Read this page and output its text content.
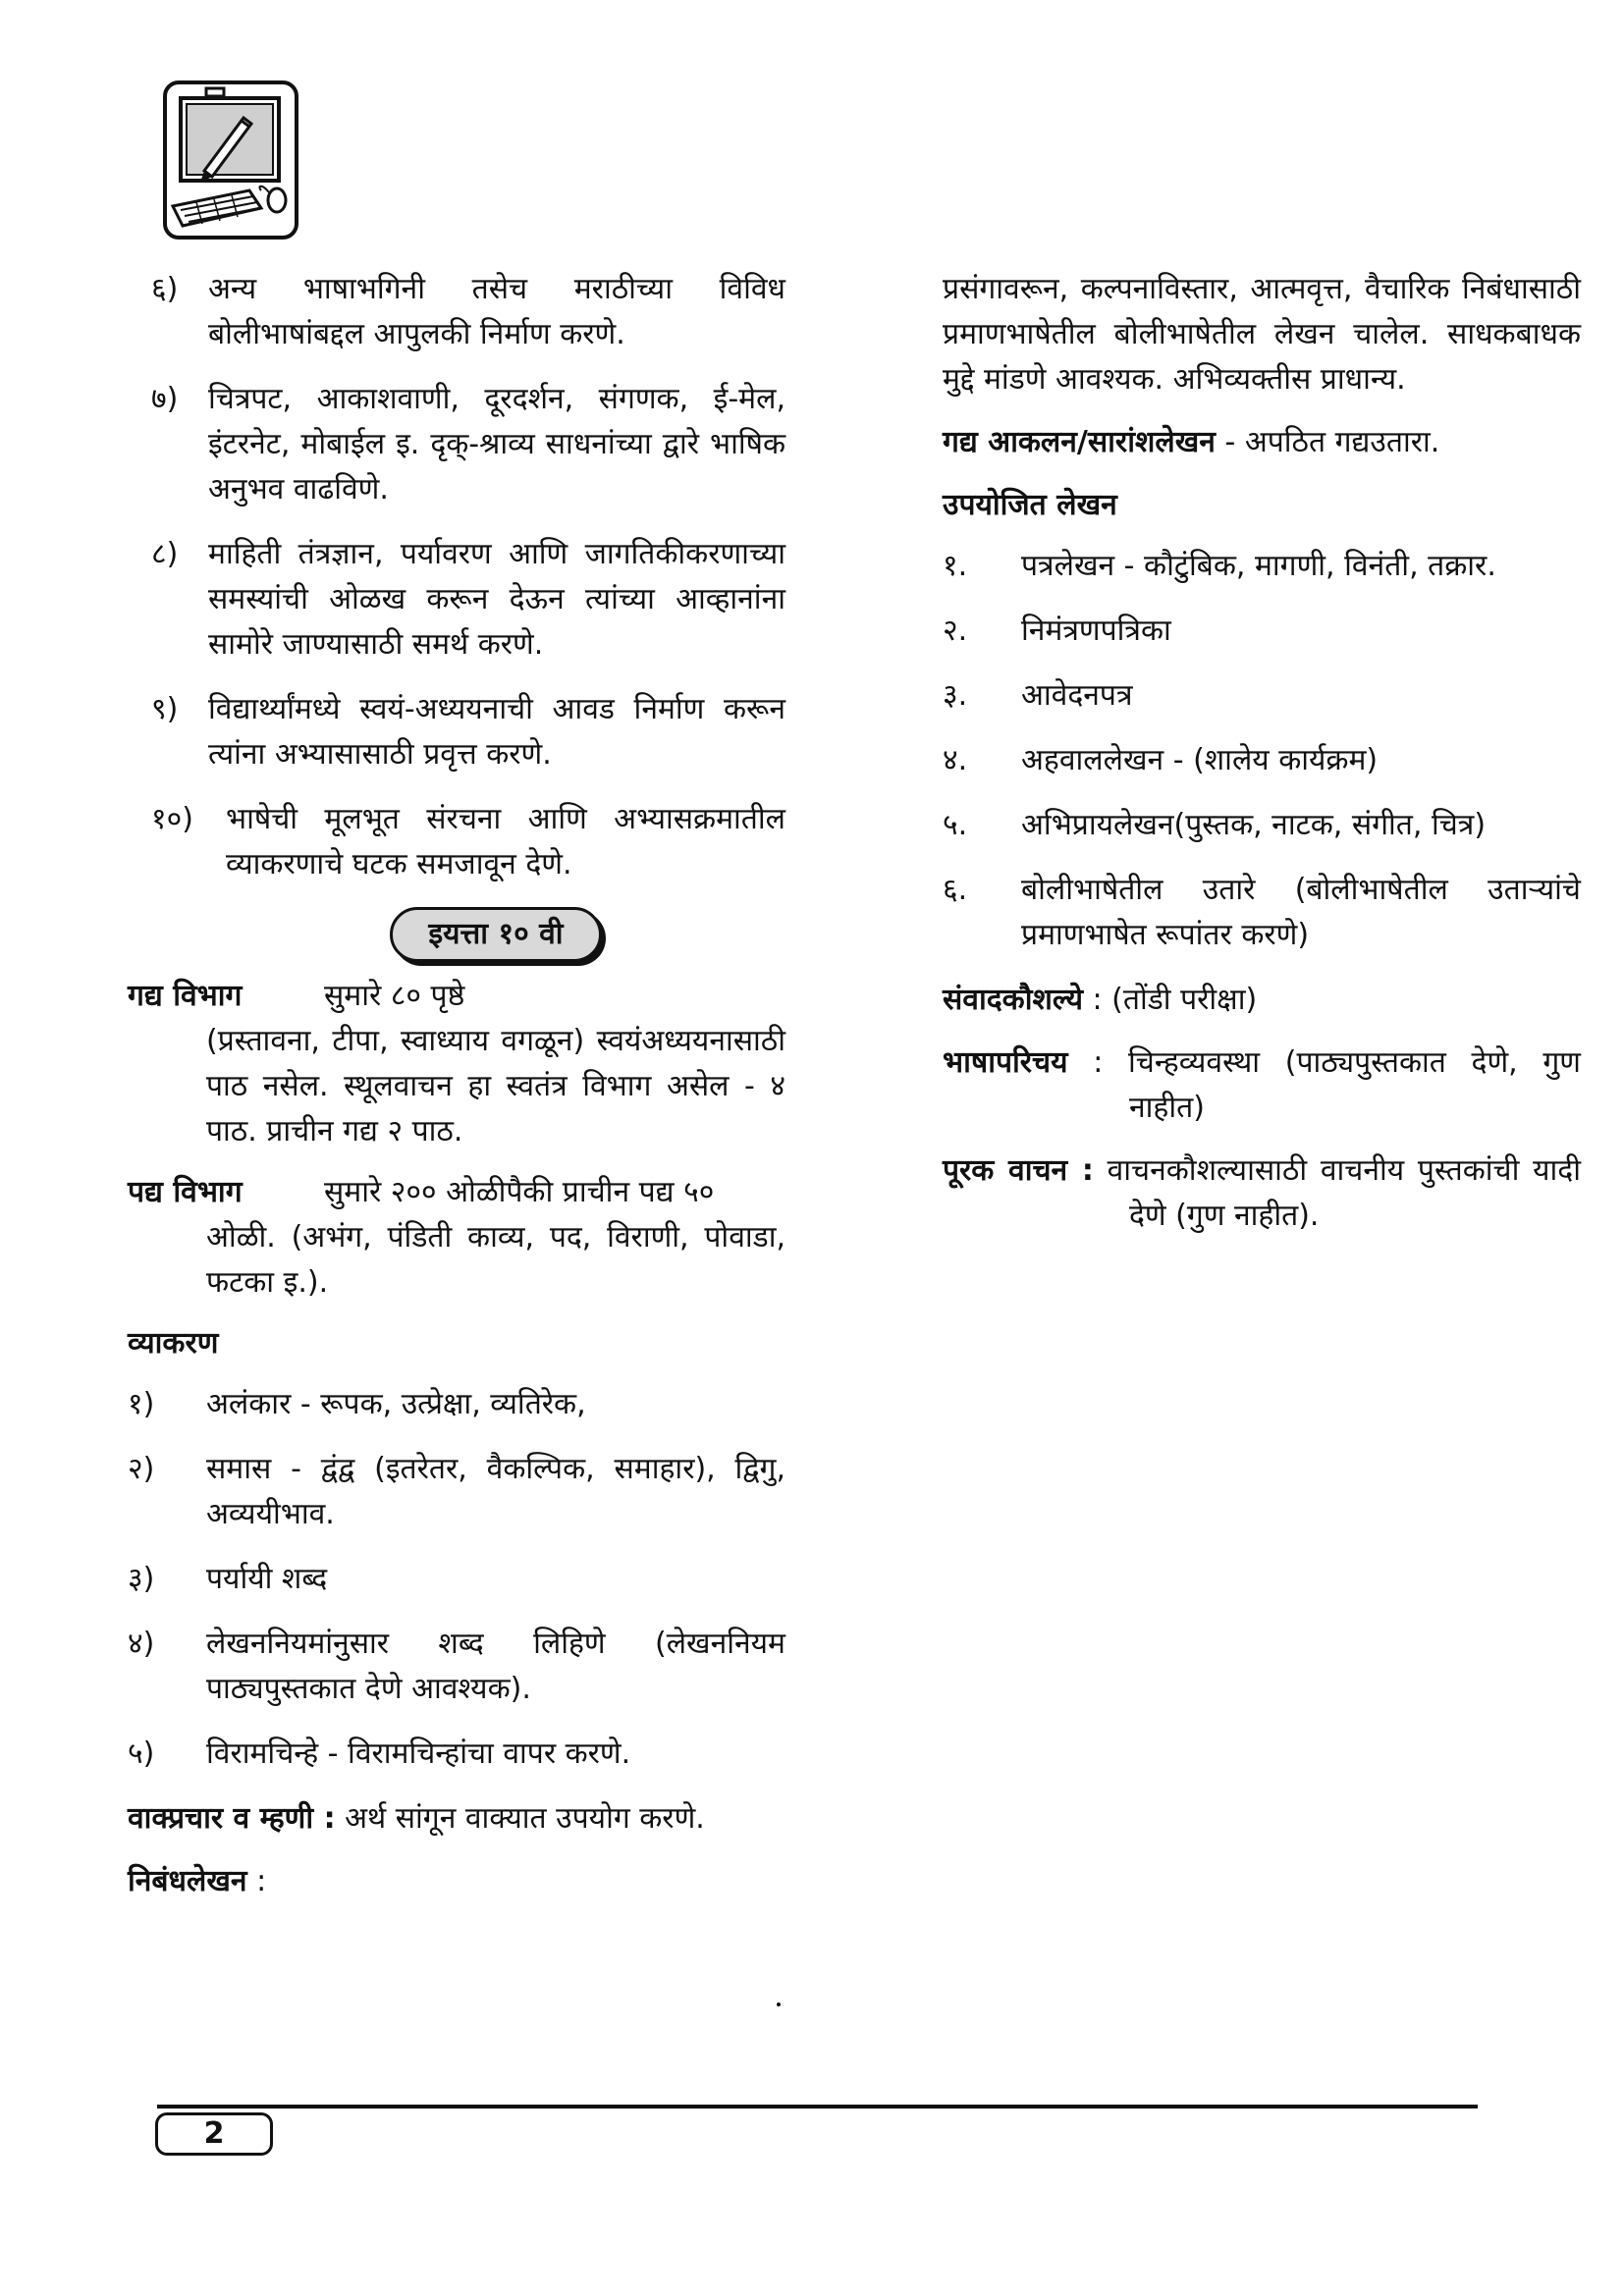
६)	अन्य भाषाभगिनी तसेच मराठीच्या विविध बोलीभाषांबद्दल आपुलकी निर्माण करणे.
७)	चित्रपट, आकाशवाणी, दूरदर्शन, संगणक, ई-मेल, इंटरनेट, मोबाईल इ. दृक्-श्राव्य साधनांच्या द्वारे भाषिक अनुभव वाढविणे.
८)	माहिती तंत्रज्ञान, पर्यावरण आणि जागतिकीकरणाच्या समस्यांची ओळख करून देऊन त्यांच्या आव्हानांना सामोरे जाण्यासाठी समर्थ करणे.
९)	विद्यार्थ्यांमध्ये स्वयं-अध्ययनाची आवड निर्माण करून त्यांना अभ्यासासाठी प्रवृत्त करणे.
१०)	भाषेची मूलभूत संरचना आणि अभ्यासक्रमातील व्याकरणाचे घटक समजावून देणे.
इयत्ता १० वी
गद्य विभाग	सुमारे ८० पृष्ठे
(प्रस्तावना, टीपा, स्वाध्याय वगळून) स्वयंअध्ययनासाठी पाठ नसेल. स्थूलवाचन हा स्वतंत्र विभाग असेल - ४ पाठ. प्राचीन गद्य २ पाठ.
पद्य विभाग	सुमारे २०० ओळीपैकी प्राचीन पद्य ५०
ओळी. (अभंग, पंडिती काव्य, पद, विराणी, पोवाडा, फटका इ.).
व्याकरण
१)	अलंकार - रूपक, उत्प्रेक्षा, व्यतिरेक,
२)	समास - द्वंद्व (इतरेतर, वैकल्पिक, समाहार), द्विगु, अव्ययीभाव.
३)	पर्यायी शब्द
४)	लेखननियमांनुसार शब्द लिहिणे (लेखननियम पाठ्यपुस्तकात देणे आवश्यक).
५)	विरामचिन्हे - विरामचिन्हांचा वापर करणे.
वाक्प्रचार व म्हणी : अर्थ सांगून वाक्यात उपयोग करणे.
निबंधलेखन :
प्रसंगावरून, कल्पनाविस्तार, आत्मवृत्त, वैचारिक निबंधासाठी प्रमाणभाषेतील बोलीभाषेतील लेखन चालेल. साधकबाधक मुद्दे मांडणे आवश्यक. अभिव्यक्तीस प्राधान्य.
गद्य आकलन/सारांशलेखन - अपठित गद्यउतारा.
उपयोजित लेखन
१.	पत्रलेखन - कौटुंबिक, मागणी, विनंती, तक्रार.
२.	निमंत्रणपत्रिका
३.	आवेदनपत्र
४.	अहवाललेखन - (शालेय कार्यक्रम)
५.	अभिप्रायलेखन(पुस्तक, नाटक, संगीत, चित्र)
६.	बोलीभाषेतील उतारे (बोलीभाषेतील उताऱ्यांचे प्रमाणभाषेत रूपांतर करणे)
संवादकौशल्ये : (तोंडी परीक्षा)
भाषापरिचय : चिन्हव्यवस्था (पाठ्यपुस्तकात देणे, गुण नाहीत)
पूरक वाचन : वाचनकौशल्यासाठी वाचनीय पुस्तकांची यादी देणे (गुण नाहीत).
2
